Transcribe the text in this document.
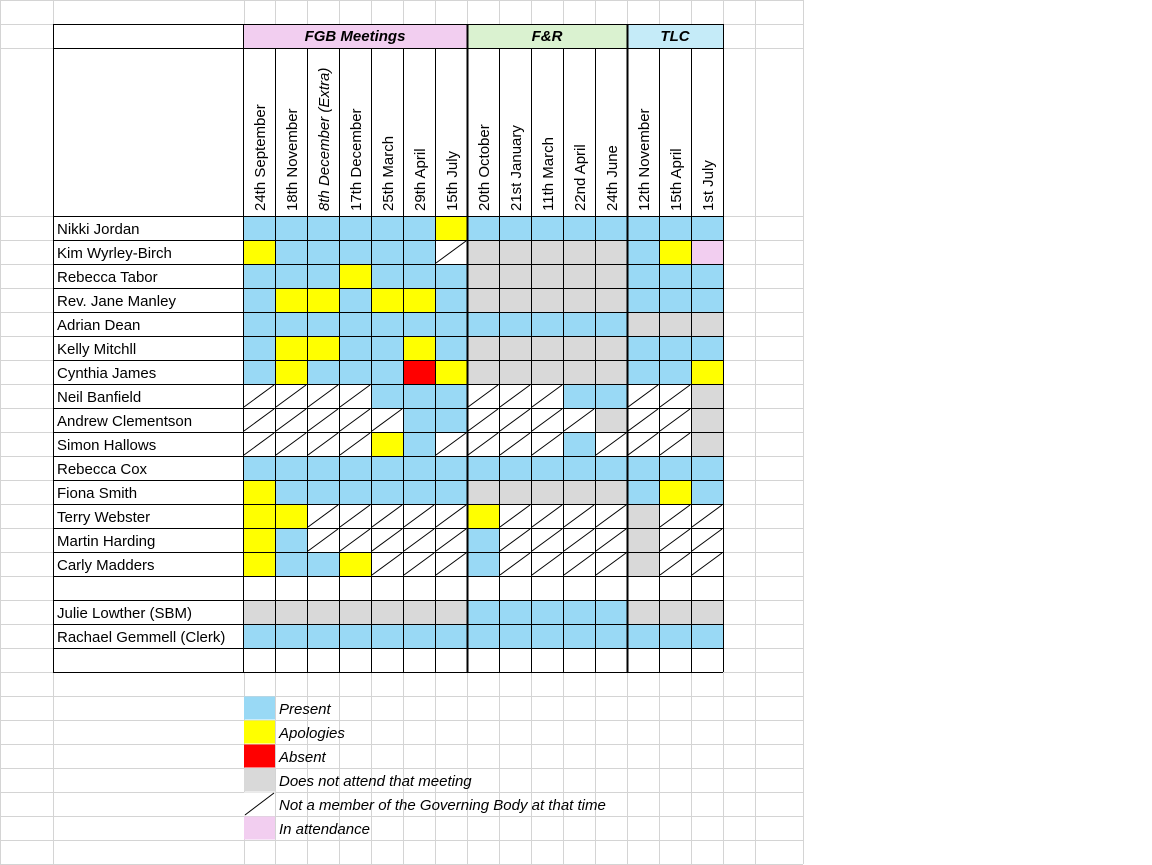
FGB Meetings	F&R	TLC
24th September 18th November 8th December (Extra) 17th December 25th March 29th April 15th July 20th October 21st January 11th March 22nd April 24th June 12th November 15th April 1st July
Nikki Jordan
Kim Wyrley-Birch
Rebecca Tabor
Rev. Jane Manley
Adrian Dean
Kelly Mitchll
Cynthia James
Neil Banfield
Andrew Clementson
Simon Hallows
Rebecca Cox
Fiona Smith
Terry Webster
Martin Harding
Carly Madders
Julie Lowther (SBM)
Rachael Gemmell (Clerk)
Present
Apologies
Absent
Does not attend that meeting
Not a member of the Governing Body at that time
In attendance
